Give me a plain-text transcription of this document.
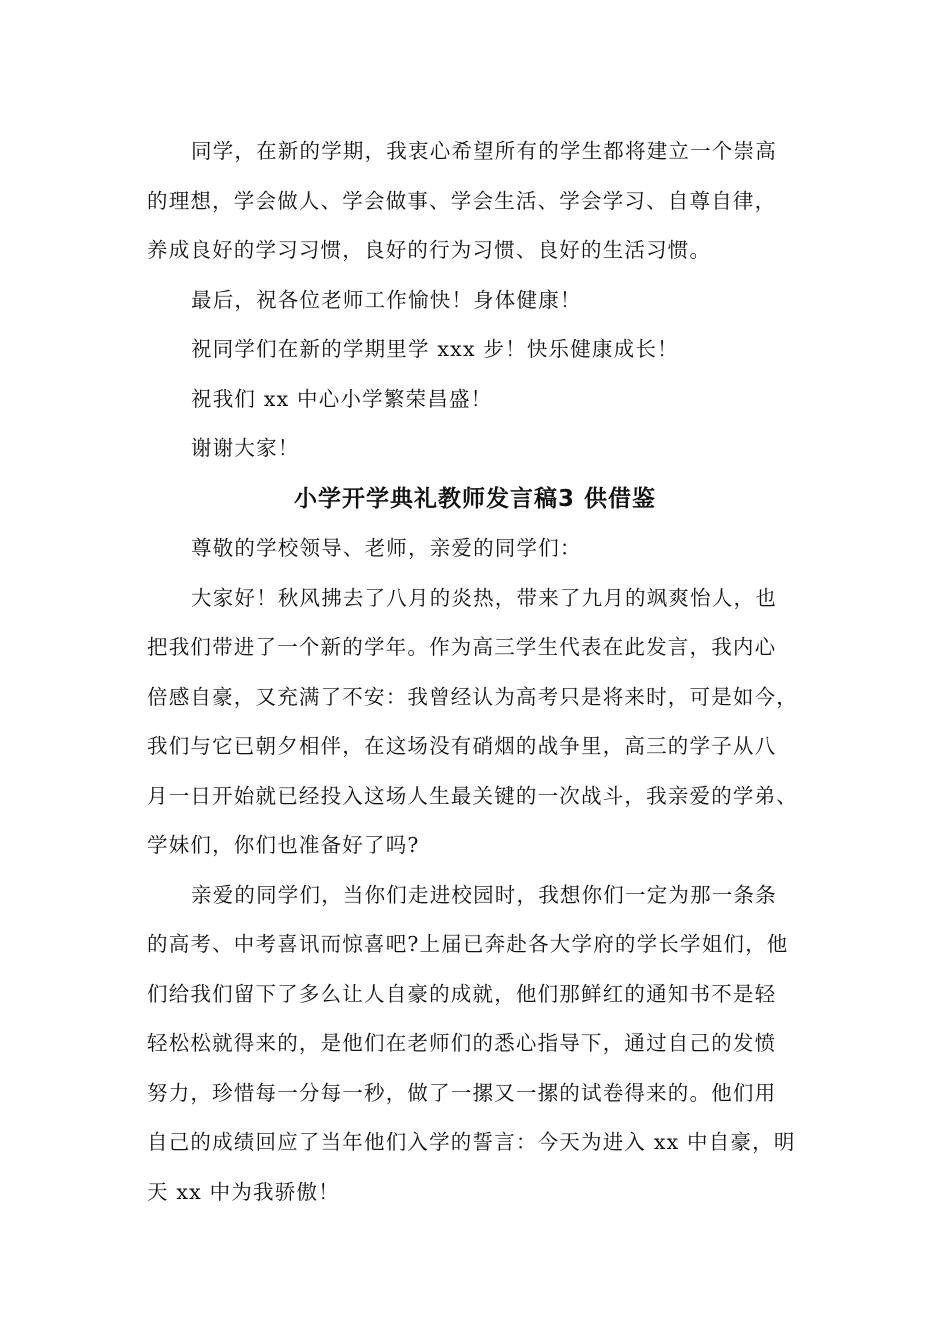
同学，在新的学期，我衷心希望所有的学生都将建立一个崇高
的理想，学会做人、学会做事、学会生活、学会学习、自尊自律，
养成良好的学习习惯，良好的行为习惯、良好的生活习惯。
最后，祝各位老师工作愉快！身体健康！
祝同学们在新的学期里学 xxx 步！快乐健康成长！
祝我们 xx 中心小学繁荣昌盛！
谢谢大家！
小学开学典礼教师发言稿3 供借鉴
尊敬的学校领导、老师，亲爱的同学们：
大家好！秋风拂去了八月的炎热，带来了九月的飒爽怡人，也
把我们带进了一个新的学年。作为高三学生代表在此发言，我内心
倍感自豪，又充满了不安：我曾经认为高考只是将来时，可是如今，
我们与它已朝夕相伴，在这场没有硝烟的战争里，高三的学子从八
月一日开始就已经投入这场人生最关键的一次战斗，我亲爱的学弟、
学妹们，你们也准备好了吗?
亲爱的同学们，当你们走进校园时，我想你们一定为那一条条
的高考、中考喜讯而惊喜吧?上届已奔赴各大学府的学长学姐们，他
们给我们留下了多么让人自豪的成就，他们那鲜红的通知书不是轻
轻松松就得来的，是他们在老师们的悉心指导下，通过自己的发愤
努力，珍惜每一分每一秒，做了一摞又一摞的试卷得来的。他们用
自己的成绩回应了当年他们入学的誓言：今天为进入 xx 中自豪，明
天 xx 中为我骄傲！
